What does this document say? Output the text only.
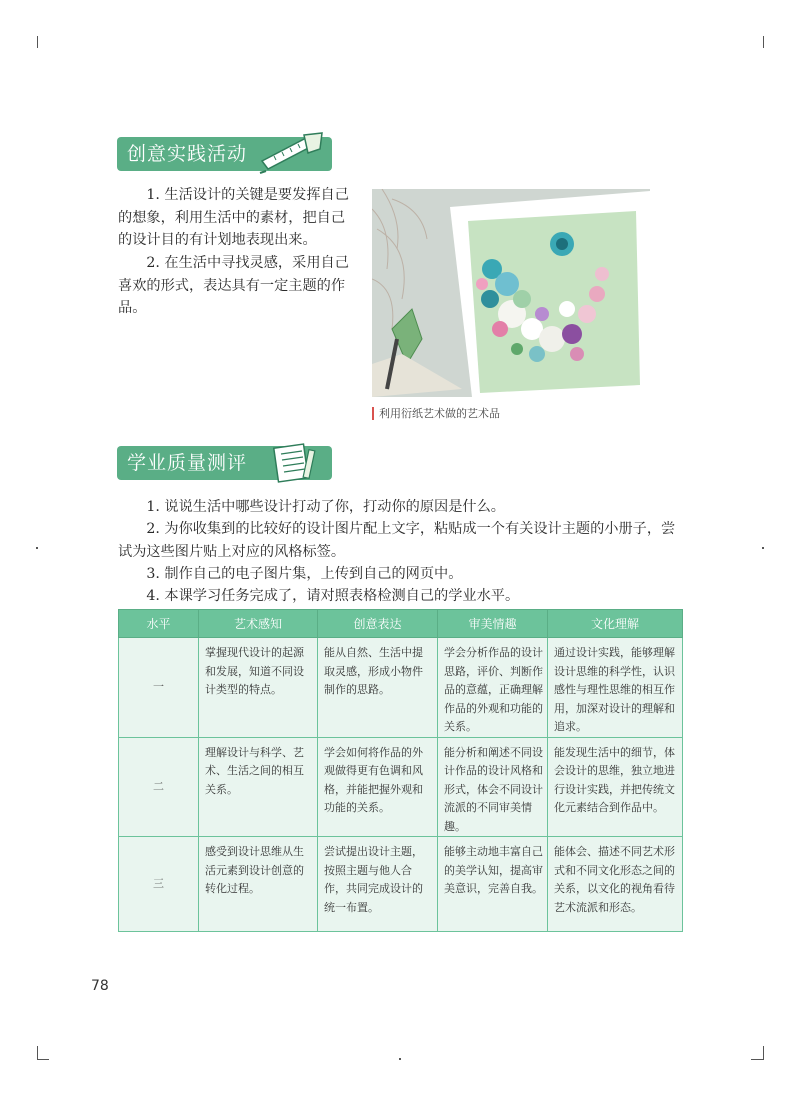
创意实践活动

1. 生活设计的关键是要发挥自己的想象，利用生活中的素材，把自己的设计目的有计划地表现出来。

2. 在生活中寻找灵感，采用自己喜欢的形式，表达具有一定主题的作品。

利用衍纸艺术做的艺术品
学业质量测评

1. 说说生活中哪些设计打动了你，打动你的原因是什么。

2. 为你收集到的比较好的设计图片配上文字，粘贴成一个有关设计主题的小册子，尝试为这些图片贴上对应的风格标签。

3. 制作自己的电子图片集，上传到自己的网页中。

4. 本课学习任务完成了，请对照表格检测自己的学业水平。

水平	艺术感知	创意表达	审美情趣	文化理解
一	掌握现代设计的起源和发展，知道不同设计类型的特点。	能从自然、生活中提取灵感，形成小物件制作的思路。	学会分析作品的设计思路，评价、判断作品的意蕴，正确理解作品的外观和功能的关系。	通过设计实践，能够理解设计思维的科学性，认识感性与理性思维的相互作用，加深对设计的理解和追求。
二	理解设计与科学、艺术、生活之间的相互关系。	学会如何将作品的外观做得更有色调和风格，并能把握外观和功能的关系。	能分析和阐述不同设计作品的设计风格和形式，体会不同设计流派的不同审美情趣。	能发现生活中的细节，体会设计的思维，独立地进行设计实践，并把传统文化元素结合到作品中。
三	感受到设计思维从生活元素到设计创意的转化过程。	尝试提出设计主题，按照主题与他人合作，共同完成设计的统一布置。	能够主动地丰富自己的美学认知，提高审美意识，完善自我。	能体会、描述不同艺术形式和不同文化形态之间的关系，以文化的视角看待艺术流派和形态。
78
